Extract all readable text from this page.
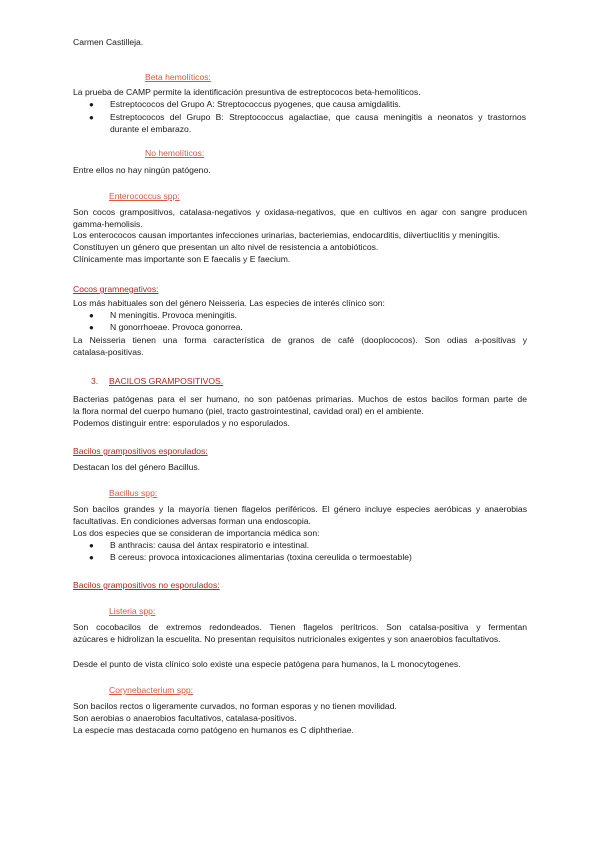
Carmen Castilleja.
Beta hemolíticos:
La prueba de CAMP permite la identificación presuntiva de estreptococos beta-hemolíticos.
● Estreptococos del Grupo A: Streptococcus pyogenes, que causa amigdalitis.
● Estreptococos del Grupo B: Streptococcus agalactiae, que causa meningitis a neonatos y trastornos
durante el embarazo.
No hemolíticos:
Entre ellos no hay ningún patógeno.
Enterococcus spp:
Son cocos grampositivos, catalasa-negativos y oxidasa-negativos, que en cultivos en agar con sangre producen
gamma-hemolisis.
Los enterococos causan importantes infecciones urinarias, bacteriemias, endocarditis, diivertiuclitis y meningitis.
Constituyen un género que presentan un alto nivel de resistencia a antobióticos.
Clínicamente mas importante son E faecalis y E faecium.
Cocos gramnegativos:
Los más habituales son del género Neisseria. Las especies de interés clínico son:
● N meningitis. Provoca meningitis.
● N gonorrhoeae. Provoca gonorrea.
La Neisseria tienen una forma característica de granos de café (dooplococos). Son odias a-positivas y
catalasa-positivas.
3. BACILOS GRAMPOSITIVOS.
Bacterias patógenas para el ser humano, no son patóenas primarias. Muchos de estos bacilos forman parte de
la flora normal del cuerpo humano (piel, tracto gastrointestinal, cavidad oral) en el ambiente.
Podemos distinguir entre: esporulados y no esporulados.
Bacilos grampositivos esporulados:
Destacan los del género Bacillus.
Bacillus spp:
Son bacilos grandes y la mayoría tienen flagelos periféricos. El género incluye especies aeróbicas y anaerobias
facultativas. En condiciones adversas forman una endoscopia.
Los dos especies que se consideran de importancia médica son:
● B anthracis: causa del ántax respiratorio e intestinal.
● B cereus: provoca intoxicaciones alimentarias (toxina cereulida o termoestable)
Bacilos grampositivos no esporulados:
Listeria spp:
Son cocobacilos de extremos redondeados. Tienen flagelos perítricos. Son catalsa-positiva y fermentan
azúcares e hidrolizan la escuelita. No presentan requisitos nutricionales exigentes y son anaerobios facultativos.
Desde el punto de vista clínico solo existe una especie patógena para humanos, la L monocytogenes.
Corynebacterium spp:
Son bacilos rectos o ligeramente curvados, no forman esporas y no tienen movilidad.
Son aerobias o anaerobios facultativos, catalasa-positivos.
La especie mas destacada como patógeno en humanos es C diphtheriae.
